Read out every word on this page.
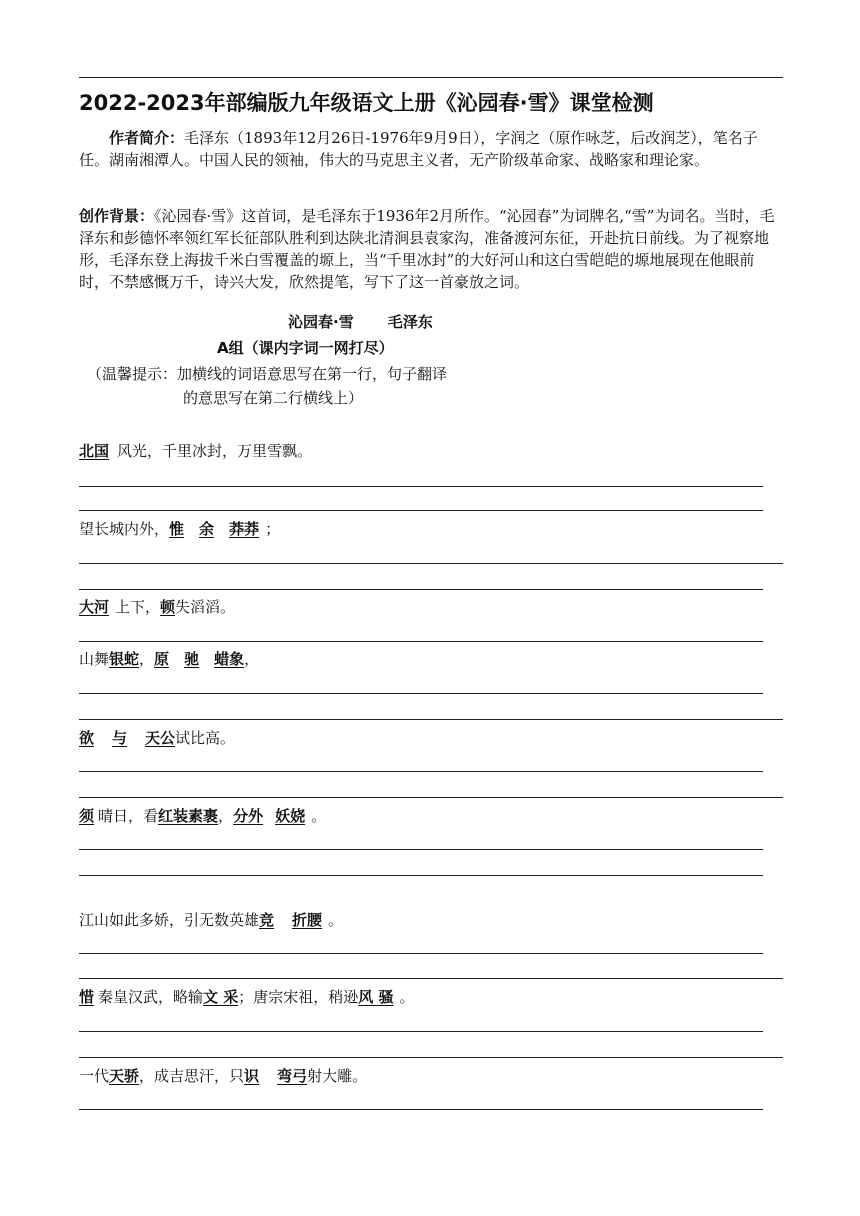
2022-2023年部编版九年级语文上册《沁园春·雪》课堂检测
作者简介：毛泽东（1893年12月26日-1976年9月9日），字润之（原作咏芝，后改润芝），笔名子任。湖南湘潭人。中国人民的领袖，伟大的马克思主义者，无产阶级革命家、战略家和理论家。
创作背景：《沁园春·雪》这首词，是毛泽东于1936年2月所作。“沁园春”为词牌名,“雪”为词名。当时，毛泽东和彭德怀率领红军长征部队胜利到达陕北清涧县袁家沟，准备渡河东征，开赴抗日前线。为了视察地形，毛泽东登上海拔千米白雪覆盖的塬上，当“千里冰封”的大好河山和这白雪皑皑的塬地展现在他眼前时，不禁感慨万千，诗兴大发，欣然提笔，写下了这一首豪放之词。
沁园春·雪 毛泽东
A组（课内字词一网打尽）
（温馨提示：加横线的词语意思写在第一行，句子翻译
的意思写在第二行横线上）
北国 风光，千里冰封，万里雪飘。
望长城内外，惟 余 莽莽 ；
大河 上下，顿失滔滔。
山舞银蛇，原 驰 蜡象，
欲 与 天公试比高。
须 晴日，看红装素裹，分外 妖娆 。
江山如此多娇，引无数英雄竞 折腰 。
惜 秦皇汉武，略输文 采；唐宗宋祖，稍逊风 骚 。
一代天骄，成吉思汗，只识 弯弓射大雕。
